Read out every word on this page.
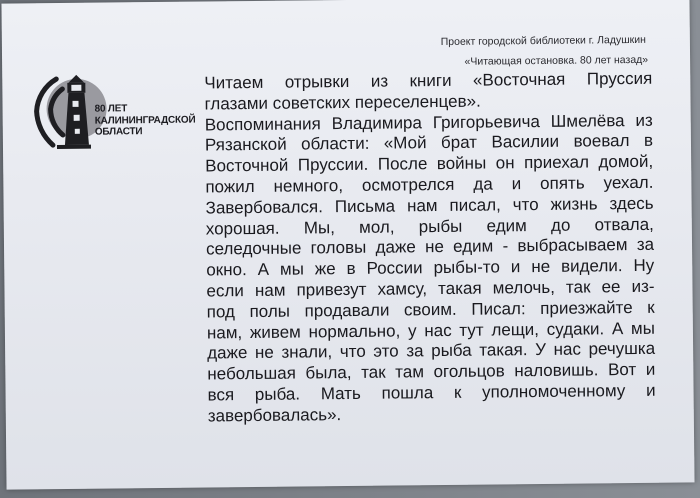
Проект городской библиотеки г. Ладушкин
«Читающая остановка. 80 лет назад»
80 ЛЕТ
КАЛИНИНГРАДСКОЙ
ОБЛАСТИ
Читаем отрывки из книги «Восточная Пруссия
глазами советских переселенцев».
Воспоминания Владимира Григорьевича Шмелёва из
Рязанской области: «Мой брат Василии воевал в
Восточной Пруссии. После войны он приехал домой,
пожил немного, осмотрелся да и опять уехал.
Завербовался. Письма нам писал, что жизнь здесь
хорошая. Мы, мол, рыбы едим до отвала,
селедочные головы даже не едим - выбрасываем за
окно. А мы же в России рыбы-то и не видели. Ну
если нам привезут хамсу, такая мелочь, так ее из-
под полы продавали своим. Писал: приезжайте к
нам, живем нормально, у нас тут лещи, судаки. А мы
даже не знали, что это за рыба такая. У нас речушка
небольшая была, так там огольцов наловишь. Вот и
вся рыба. Мать пошла к уполномоченному и
завербовалась».
